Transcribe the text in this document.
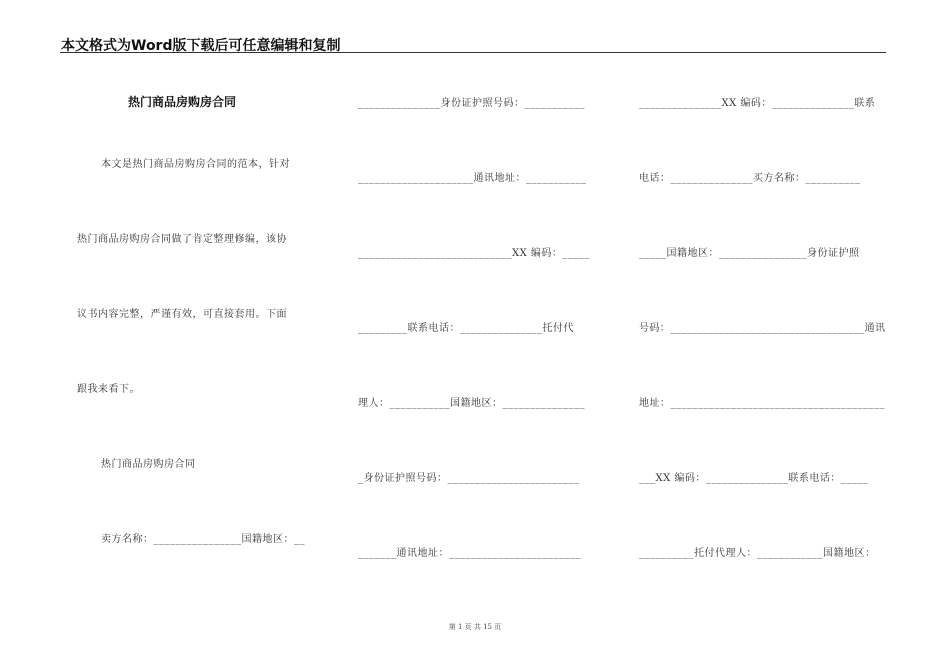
本文格式为Word版下载后可任意编辑和复制
热门商品房购房合同
本文是热门商品房购房合同的范本，针对
热门商品房购房合同做了肯定整理修编，该协
议书内容完整，严谨有效，可直接套用。下面
跟我来看下。
热门商品房购房合同
卖方名称：________________国籍地区：__
_______________身份证护照号码：___________
_____________________通讯地址：___________
____________________________XX 编码：_____
_________联系电话：_______________托付代
理人：___________国籍地区：_______________
_身份证护照号码：________________________
_______通讯地址：________________________
_______________XX 编码：_______________联系
电话：_______________买方名称：__________
_____国籍地区：________________身份证护照
号码：____________________________________通讯
地址：_______________________________________
___XX 编码：_______________联系电话：_____
__________托付代理人：____________国籍地区：
第 1 页 共 15 页
